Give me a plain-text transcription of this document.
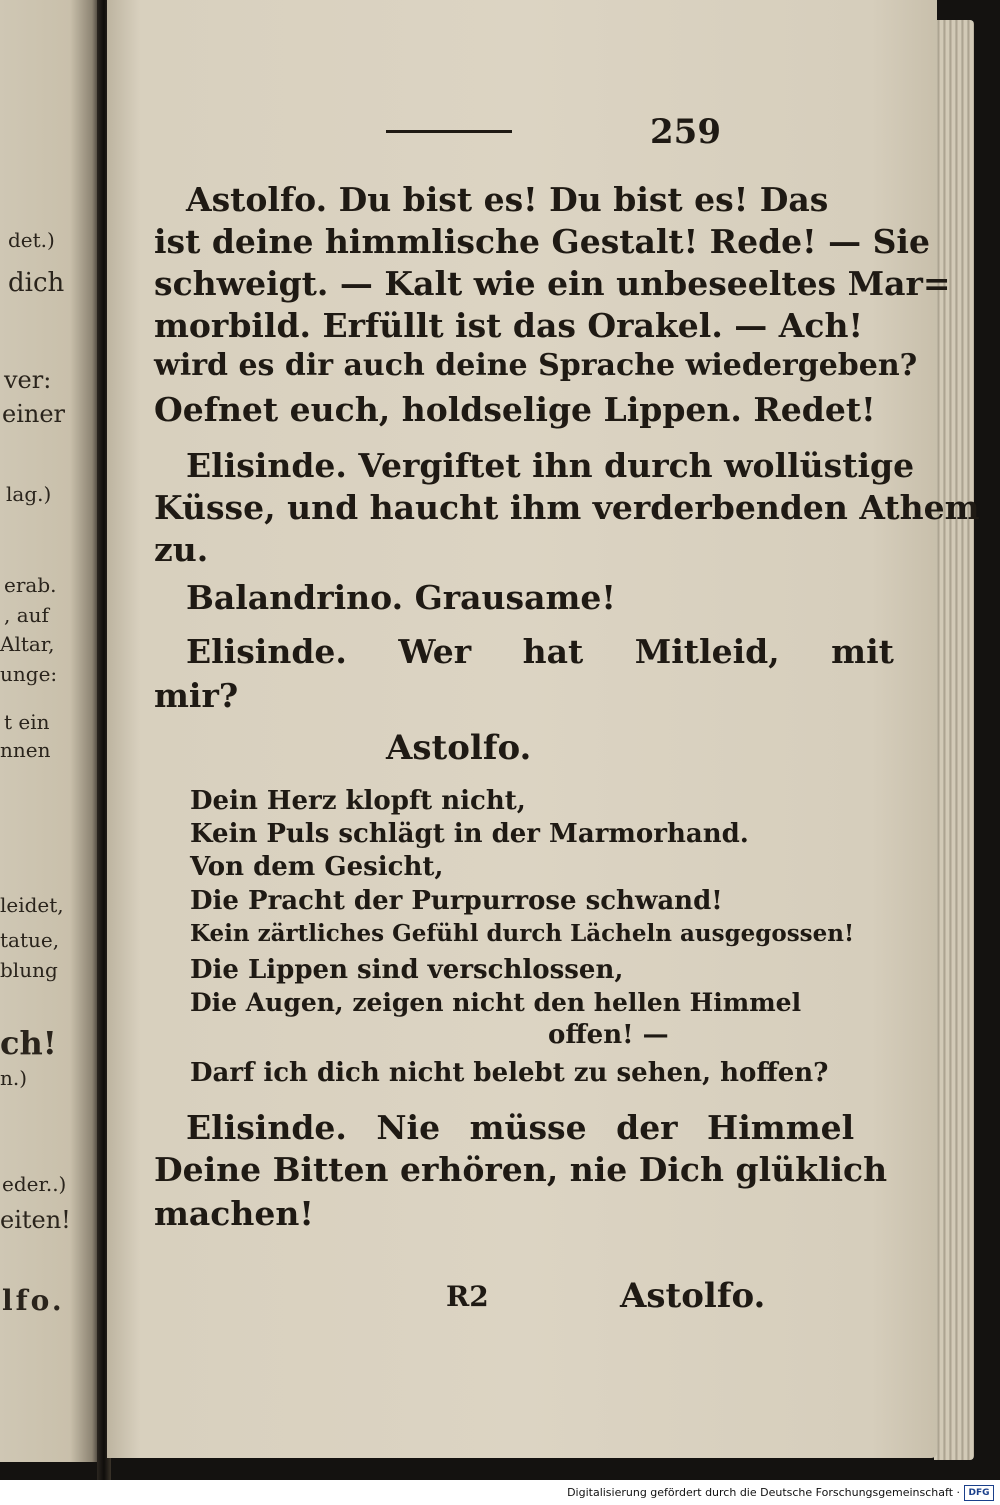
det.)
dich
ver:
einer
lag.)
erab.
, auf
Altar,
unge:
t ein
nnen
leidet,
tatue,
blung
ch!
n.)
eder..)
eiten!
lfo.
259
Astolfo. Du bist es! Du bist es! Das
ist deine himmlische Gestalt! Rede! — Sie
schweigt. — Kalt wie ein unbeseeltes Mar=
morbild. Erfüllt ist das Orakel. — Ach!
wird es dir auch deine Sprache wiedergeben?
Oefnet euch, holdselige Lippen. Redet!
Elisinde. Vergiftet ihn durch wollüstige
Küsse, und haucht ihm verderbenden Athem
zu.
Balandrino. Grausame!
Elisinde. Wer hat Mitleid, mit
mir?
Astolfo.
Dein Herz klopft nicht,
Kein Puls schlägt in der Marmorhand.
Von dem Gesicht,
Die Pracht der Purpurrose schwand!
Kein zärtliches Gefühl durch Lächeln ausgegossen!
Die Lippen sind verschlossen,
Die Augen, zeigen nicht den hellen Himmel
offen! —
Darf ich dich nicht belebt zu sehen, hoffen?
Elisinde. Nie müsse der Himmel
Deine Bitten erhören, nie Dich glüklich
machen!
R2	Astolfo.
Digitalisierung gefördert durch die Deutsche Forschungsgemeinschaft · DFG
